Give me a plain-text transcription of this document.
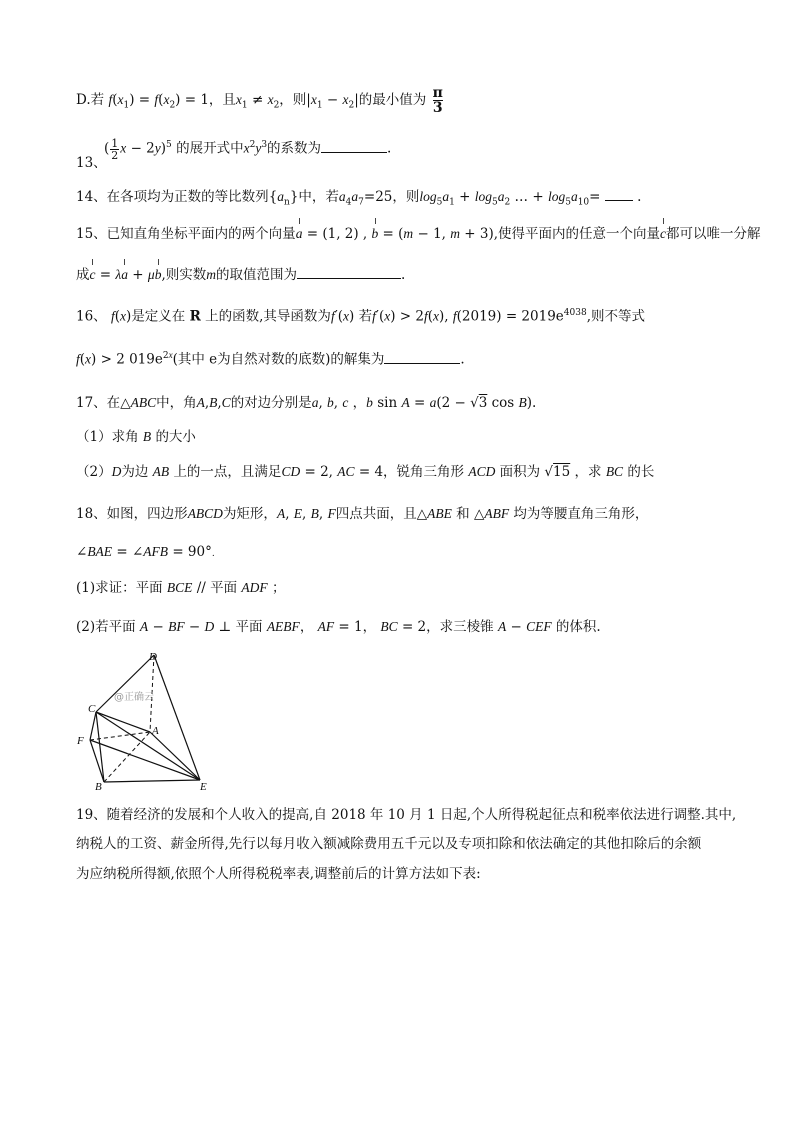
D.若 $f(x_1) = f(x_2) = 1$，且$x_1 \ne x_2$，则$|x_1 - x_2|$的最小值为 $\frac{\pi}{3}$
( $\frac{1}{2}$ x − 2y)$^5$ 的展开式中$x^2y^3$的系数为	.
13、
14、在各项均为正数的等比数列$\{a_n\}$中，若$a_4a_7=25$，则$\log_5a_1 + \log_5a_2$ … + $\log_5a_{10}=$  .
15、已知直角坐标平面内的两个向量a = (1, 2) , b = (m − 1, m + 3),使得平面内的任意一个向量c都可以唯一分解
成c = λa + μb,则实数m的取值范围为	.
16、 f(x)是定义在 R 上的函数,其导函数为f′(x) 若f′(x) > 2f(x), $f(2019) = 2019e^{4038}$,则不等式
f(x) > 2 $019e^{2x}$(其中 e为自然对数的底数)的解集为	.
17、在△ABC中，角A,B,C的对边分别是a, b, c ，b sin A = a(2 − √3 cos B).
（1）求角 B 的大小
（2）D为边 AB 上的一点，且满足CD = 2, AC = 4，锐角三角形 ACD 面积为 √15 ，求 BC 的长
18、如图，四边形ABCD为矩形，A, E, B, F四点共面，且△ABE 和 △ABF 均为等腰直角三角形，
∠BAE = ∠AFB = 90°.
(1)求证：平面 BCE // 平面 ADF ；
(2)若平面 A − BF − D ⊥ 平面 AEBF， AF = 1， BC = 2，求三棱锥 A − CEF 的体积.
D
C
A
F
B	E
@正确云
19、随着经济的发展和个人收入的提高,自 2018 年 10 月 1 日起,个人所得税起征点和税率依法进行调整.其中,
纳税人的工资、薪金所得,先行以每月收入额减除费用五千元以及专项扣除和依法确定的其他扣除后的余额
为应纳税所得额,依照个人所得税税率表,调整前后的计算方法如下表:
